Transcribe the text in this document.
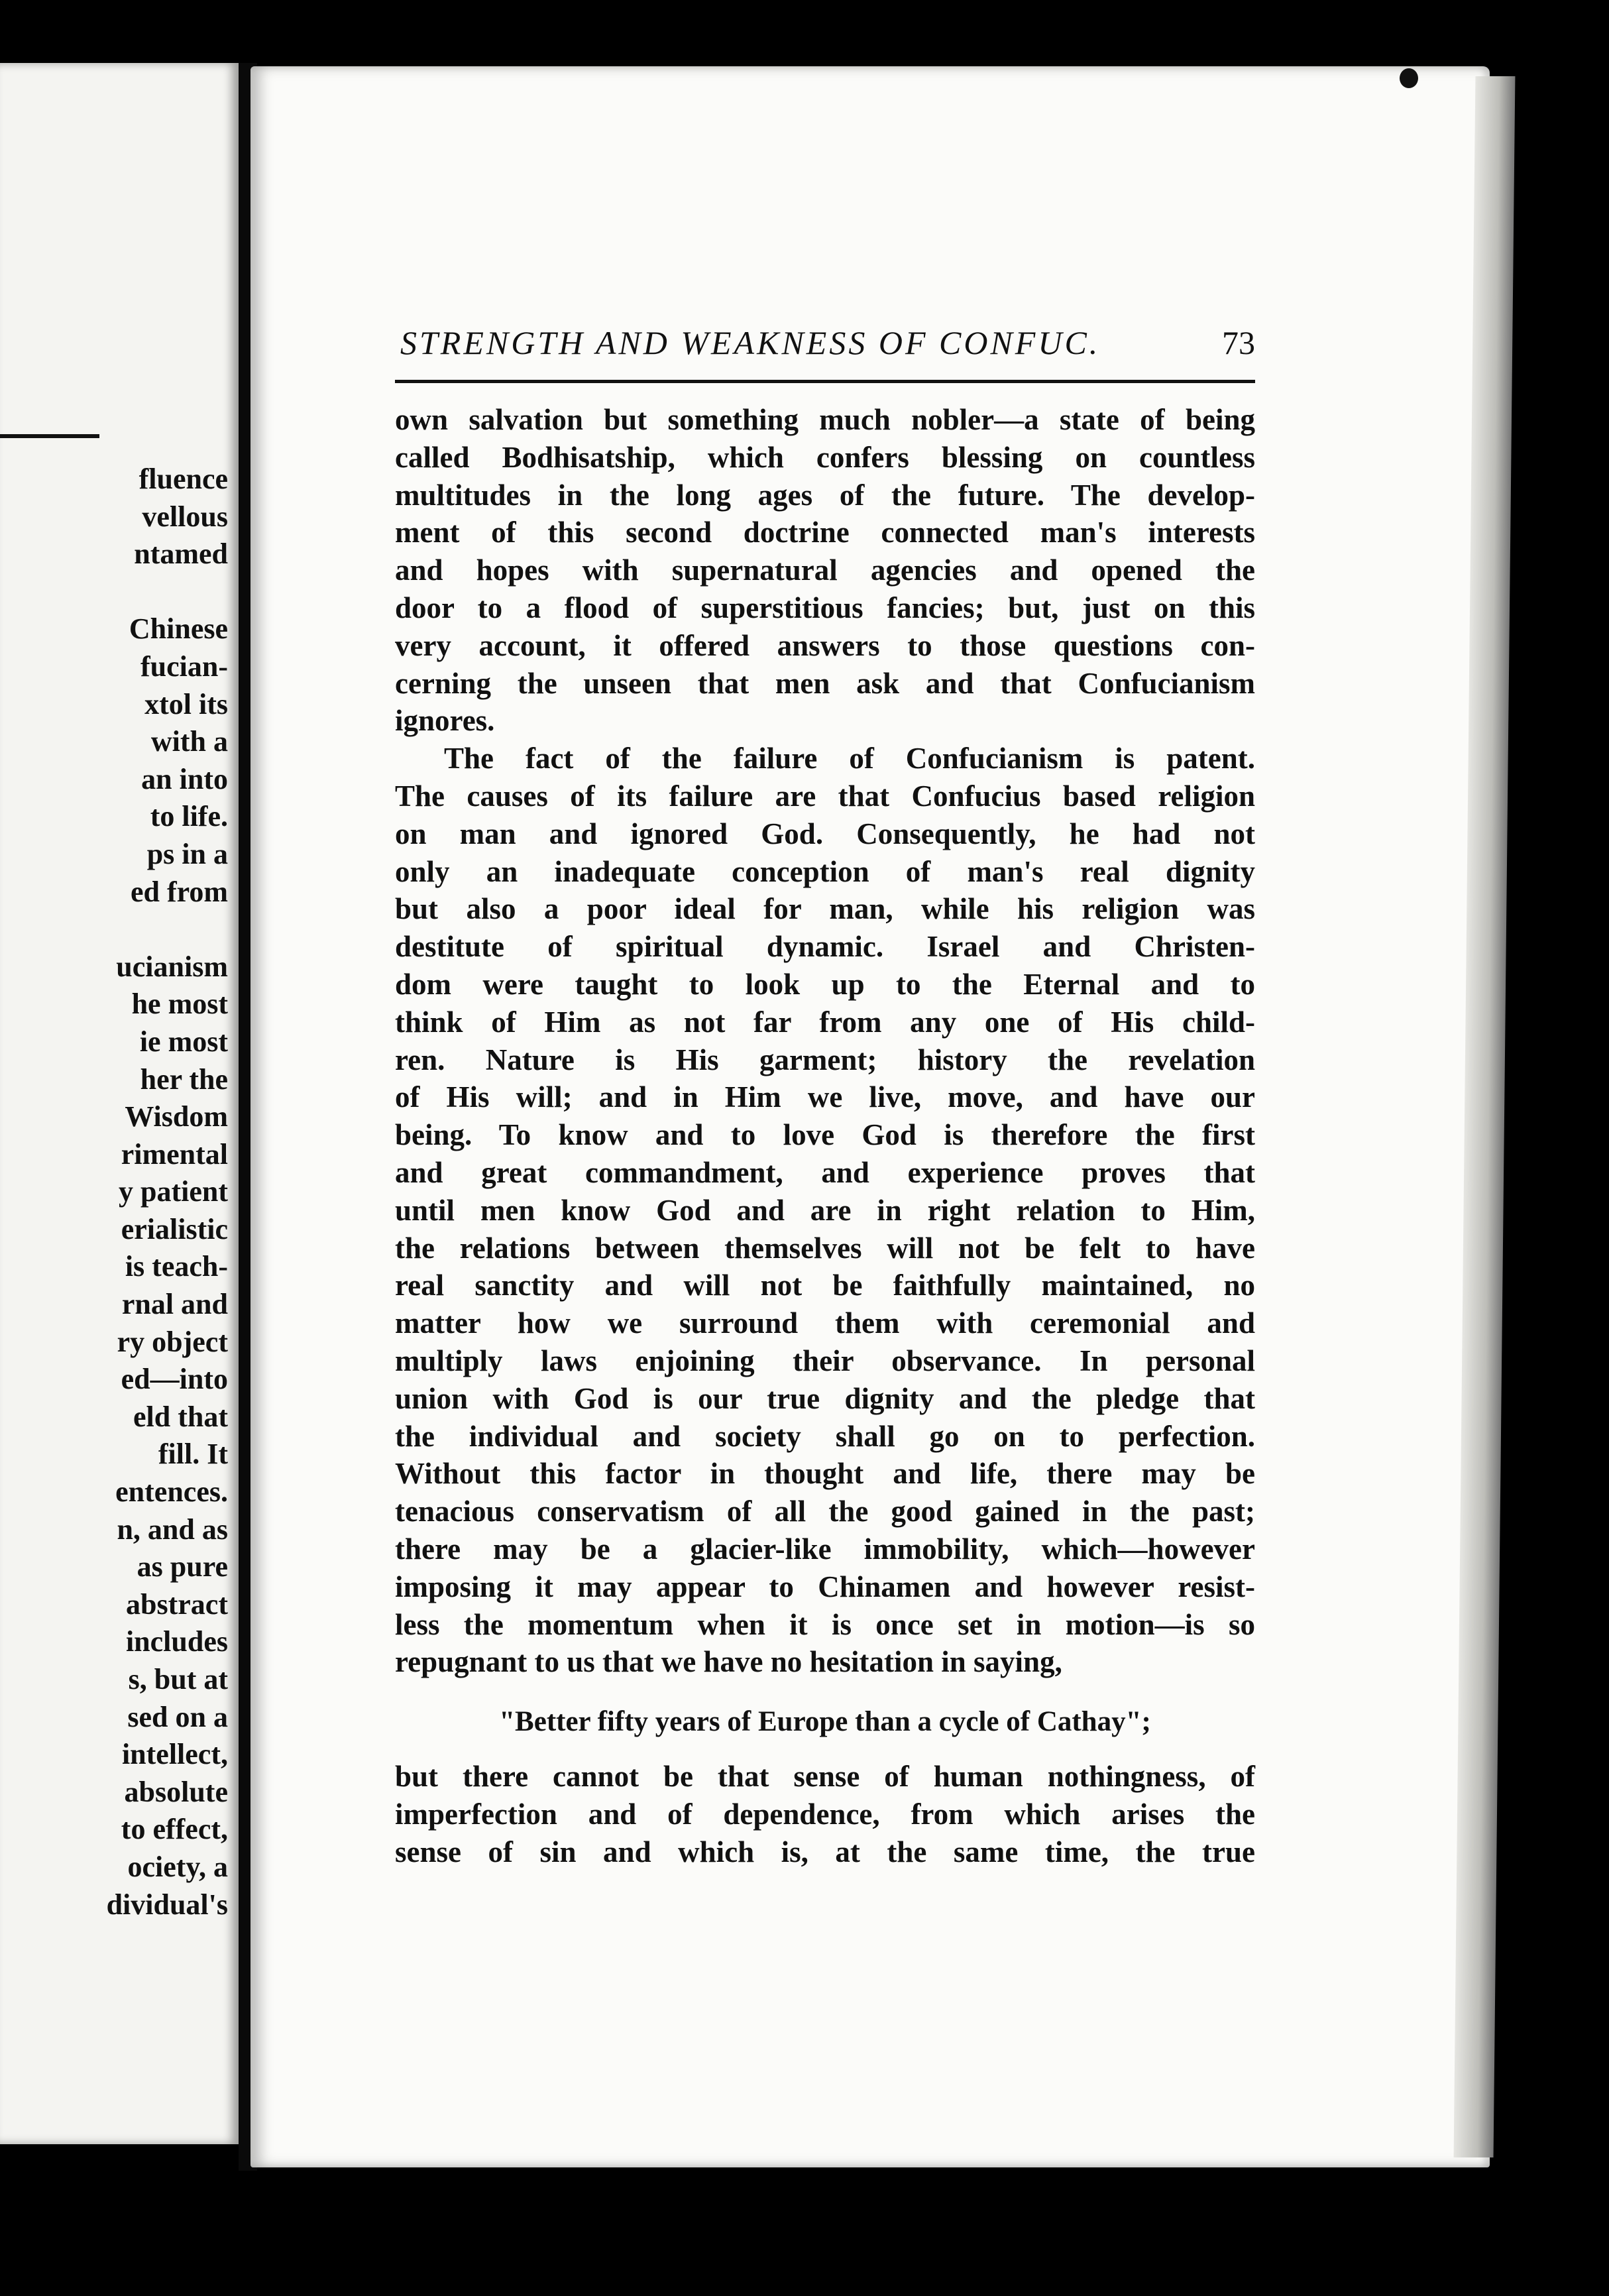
fluence
vellous
ntamed
Chinese
fucian-
xtol its
with a
an into
to life.
ps in a
ed from
ucianism
he most
ie most
her the
Wisdom
rimental
y patient
erialistic
is teach-
rnal and
ry object
ed—into
eld that
fill. It
entences.
n, and as
as pure
abstract
includes
s, but at
sed on a
intellect,
absolute
to effect,
ociety, a
dividual's
STRENGTH AND WEAKNESS OF CONFUC.	73
own salvation but something much nobler—a state of being
called Bodhisatship, which confers blessing on countless
multitudes in the long ages of the future. The develop-
ment of this second doctrine connected man's interests
and hopes with supernatural agencies and opened the
door to a flood of superstitious fancies; but, just on this
very account, it offered answers to those questions con-
cerning the unseen that men ask and that Confucianism
ignores.
The fact of the failure of Confucianism is patent.
The causes of its failure are that Confucius based religion
on man and ignored God. Consequently, he had not
only an inadequate conception of man's real dignity
but also a poor ideal for man, while his religion was
destitute of spiritual dynamic. Israel and Christen-
dom were taught to look up to the Eternal and to
think of Him as not far from any one of His child-
ren. Nature is His garment; history the revelation
of His will; and in Him we live, move, and have our
being. To know and to love God is therefore the first
and great commandment, and experience proves that
until men know God and are in right relation to Him,
the relations between themselves will not be felt to have
real sanctity and will not be faithfully maintained, no
matter how we surround them with ceremonial and
multiply laws enjoining their observance. In personal
union with God is our true dignity and the pledge that
the individual and society shall go on to perfection.
Without this factor in thought and life, there may be
tenacious conservatism of all the good gained in the past;
there may be a glacier-like immobility, which—however
imposing it may appear to Chinamen and however resist-
less the momentum when it is once set in motion—is so
repugnant to us that we have no hesitation in saying,
"Better fifty years of Europe than a cycle of Cathay";
but there cannot be that sense of human nothingness, of
imperfection and of dependence, from which arises the
sense of sin and which is, at the same time, the true
